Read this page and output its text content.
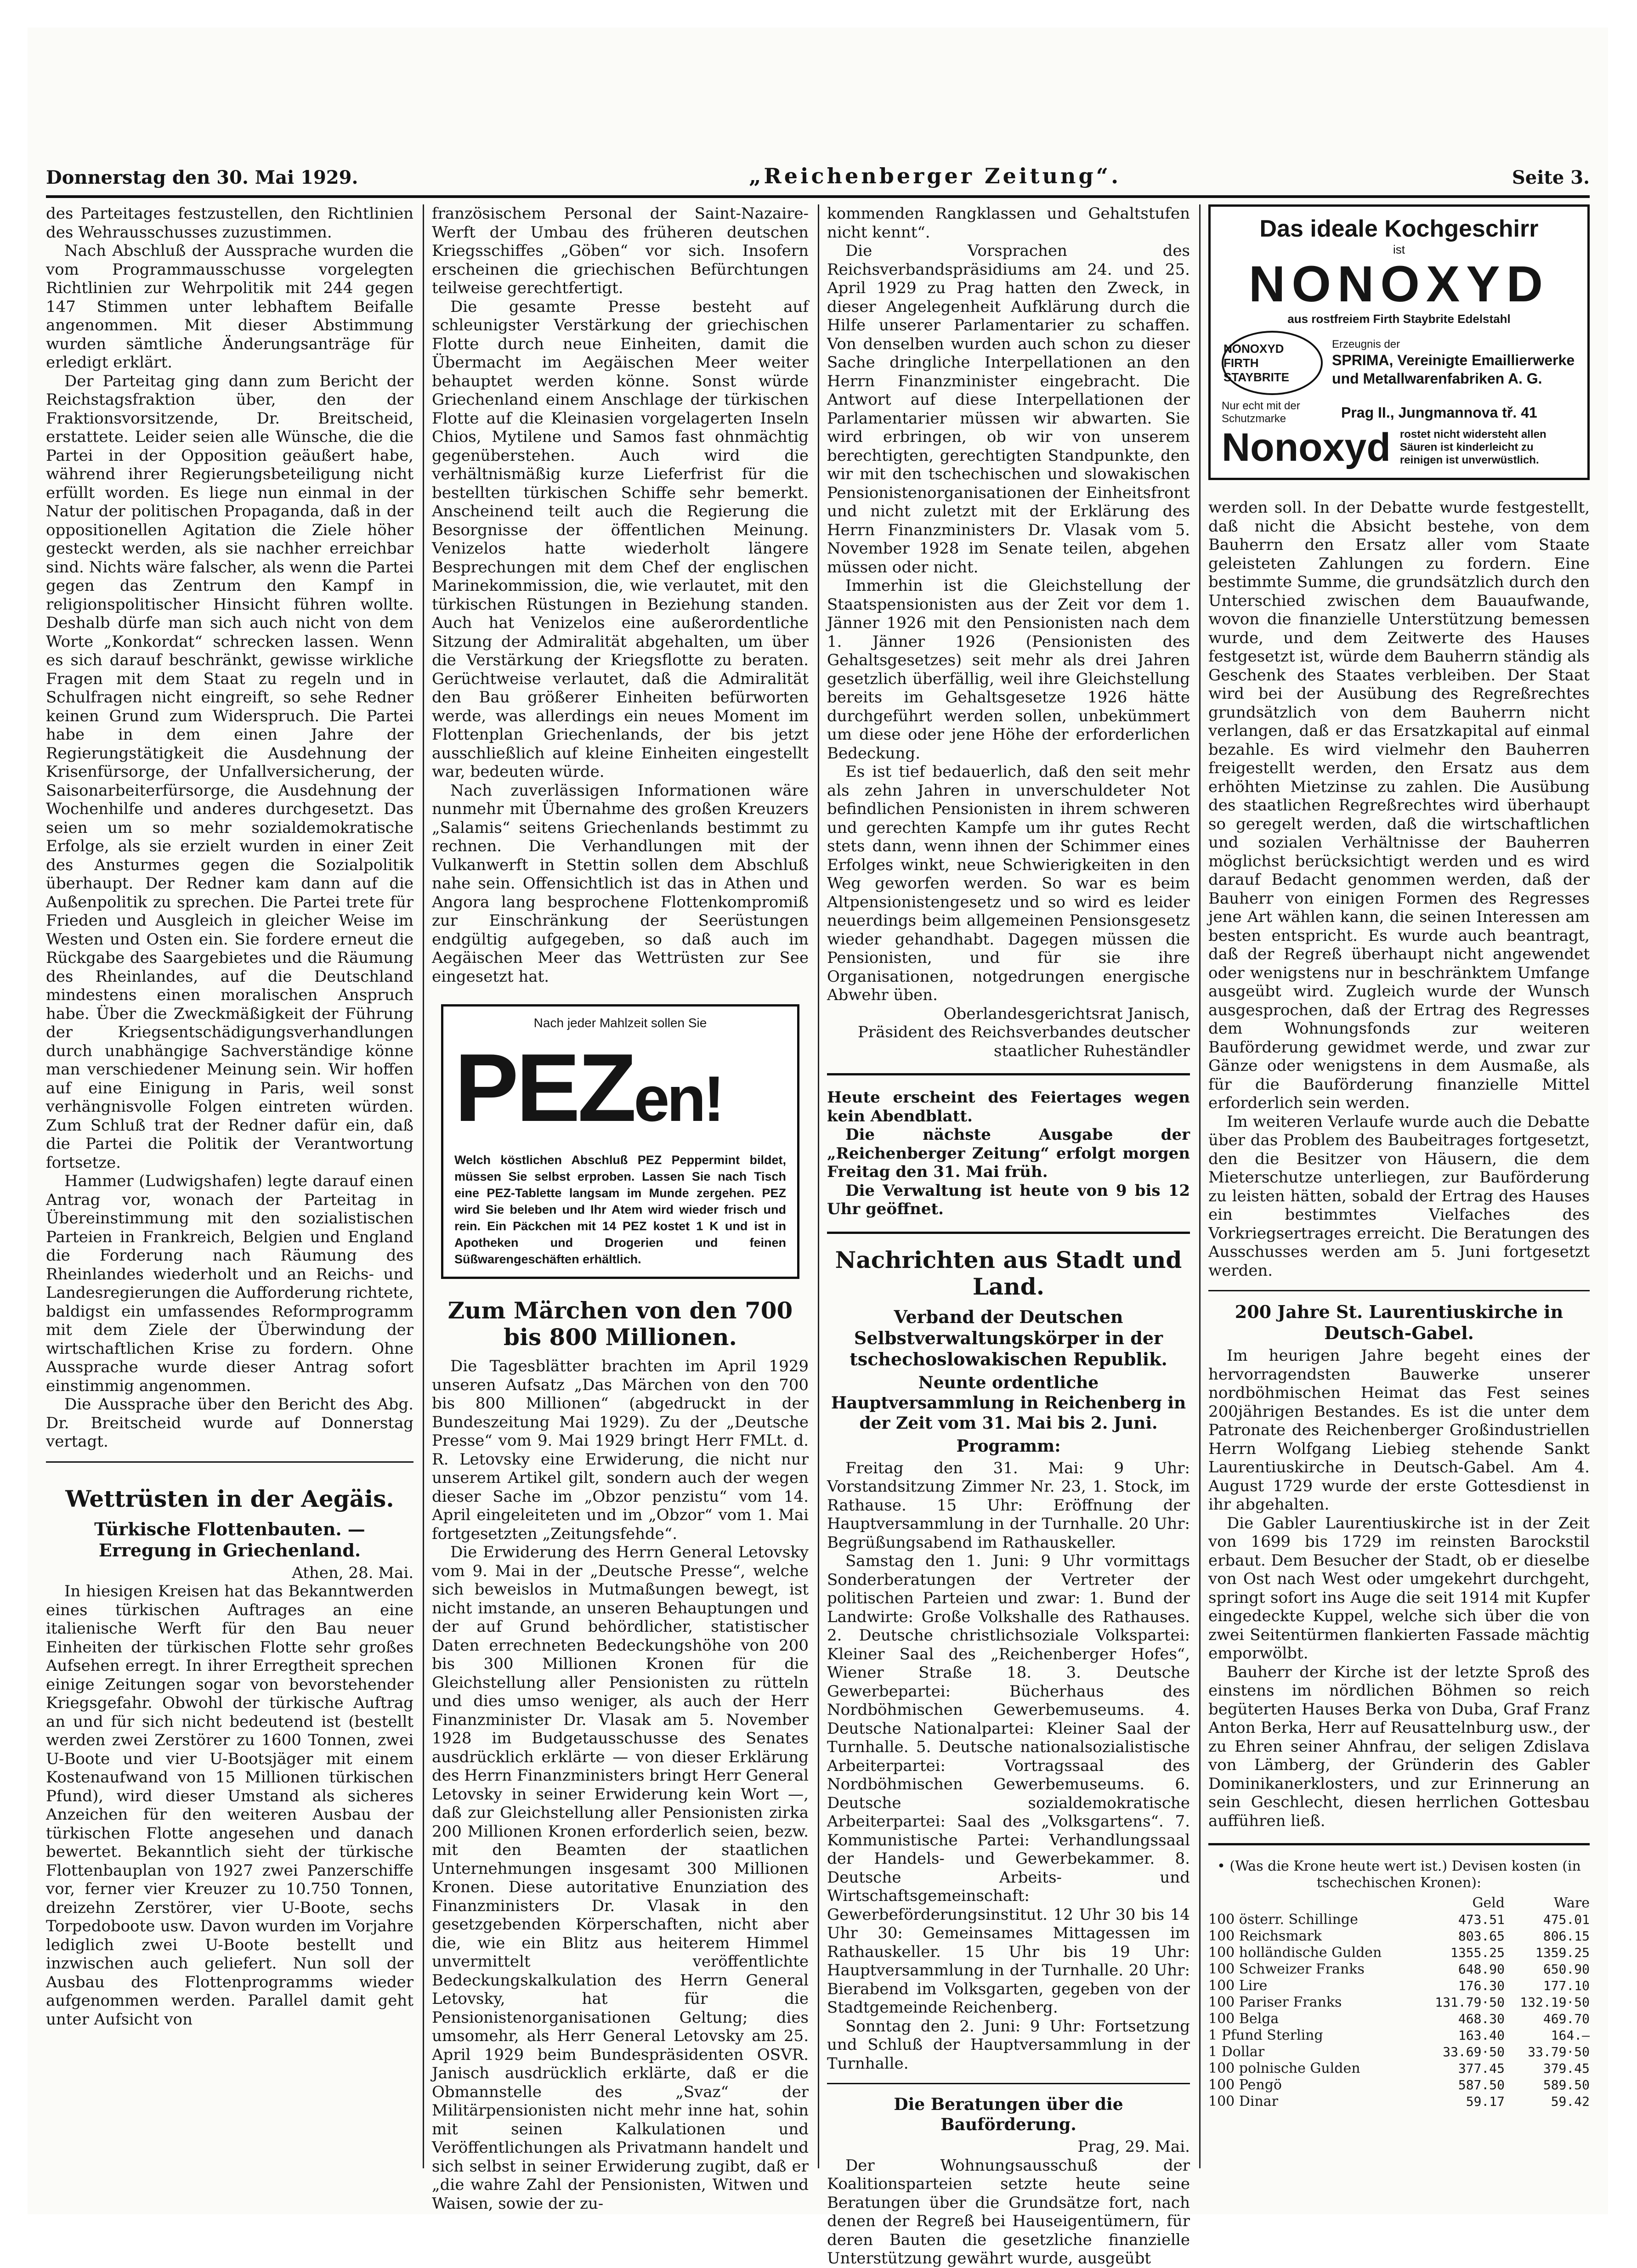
Donnerstag den 30. Mai 1929.	„Reichenberger Zeitung“.	Seite 3.

des Parteitages festzustellen, den Richtlinien des Wehrausschusses zuzustimmen.

Nach Abschluß der Aussprache wurden die vom Programmausschusse vorgelegten Richtlinien zur Wehrpolitik mit 244 gegen 147 Stimmen unter lebhaftem Beifalle angenommen. Mit dieser Abstimmung wurden sämtliche Änderungsanträge für erledigt erklärt.

Der Parteitag ging dann zum Bericht der Reichstagsfraktion über, den der Fraktionsvorsitzende, Dr. Breitscheid, erstattete. Leider seien alle Wünsche, die die Partei in der Opposition geäußert habe, während ihrer Regierungsbeteiligung nicht erfüllt worden. Es liege nun einmal in der Natur der politischen Propaganda, daß in der oppositionellen Agitation die Ziele höher gesteckt werden, als sie nachher erreichbar sind. Nichts wäre falscher, als wenn die Partei gegen das Zentrum den Kampf in religionspolitischer Hinsicht führen wollte. Deshalb dürfe man sich auch nicht von dem Worte „Konkordat“ schrecken lassen. Wenn es sich darauf beschränkt, gewisse wirkliche Fragen mit dem Staat zu regeln und in Schulfragen nicht eingreift, so sehe Redner keinen Grund zum Widerspruch. Die Partei habe in dem einen Jahre der Regierungstätigkeit die Ausdehnung der Krisenfürsorge, der Unfallversicherung, der Saisonarbeiterfürsorge, die Ausdehnung der Wochenhilfe und anderes durchgesetzt. Das seien um so mehr sozialdemokratische Erfolge, als sie erzielt wurden in einer Zeit des Ansturmes gegen die Sozialpolitik überhaupt. Der Redner kam dann auf die Außenpolitik zu sprechen. Die Partei trete für Frieden und Ausgleich in gleicher Weise im Westen und Osten ein. Sie fordere erneut die Rückgabe des Saargebietes und die Räumung des Rheinlandes, auf die Deutschland mindestens einen moralischen Anspruch habe. Über die Zweckmäßigkeit der Führung der Kriegsentschädigungsverhandlungen durch unabhängige Sachverständige könne man verschiedener Meinung sein. Wir hoffen auf eine Einigung in Paris, weil sonst verhängnisvolle Folgen eintreten würden. Zum Schluß trat der Redner dafür ein, daß die Partei die Politik der Verantwortung fortsetze.

Hammer (Ludwigshafen) legte darauf einen Antrag vor, wonach der Parteitag in Übereinstimmung mit den sozialistischen Parteien in Frankreich, Belgien und England die Forderung nach Räumung des Rheinlandes wiederholt und an Reichs- und Landesregierungen die Aufforderung richtete, baldigst ein umfassendes Reformprogramm mit dem Ziele der Überwindung der wirtschaftlichen Krise zu fordern. Ohne Aussprache wurde dieser Antrag sofort einstimmig angenommen.

Die Aussprache über den Bericht des Abg. Dr. Breitscheid wurde auf Donnerstag vertagt.

Wettrüsten in der Aegäis.
Türkische Flottenbauten. — Erregung in Griechenland.

Athen, 28. Mai.

In hiesigen Kreisen hat das Bekanntwerden eines türkischen Auftrages an eine italienische Werft für den Bau neuer Einheiten der türkischen Flotte sehr großes Aufsehen erregt. In ihrer Erregtheit sprechen einige Zeitungen sogar von bevorstehender Kriegsgefahr. Obwohl der türkische Auftrag an und für sich nicht bedeutend ist (bestellt werden zwei Zerstörer zu 1600 Tonnen, zwei U-Boote und vier U-Bootsjäger mit einem Kostenaufwand von 15 Millionen türkischen Pfund), wird dieser Umstand als sicheres Anzeichen für den weiteren Ausbau der türkischen Flotte angesehen und danach bewertet. Bekanntlich sieht der türkische Flottenbauplan von 1927 zwei Panzerschiffe vor, ferner vier Kreuzer zu 10.750 Tonnen, dreizehn Zerstörer, vier U-Boote, sechs Torpedoboote usw. Davon wurden im Vorjahre lediglich zwei U-Boote bestellt und inzwischen auch geliefert. Nun soll der Ausbau des Flottenprogramms wieder aufgenommen werden. Parallel damit geht unter Aufsicht von

französischem Personal der Saint-Nazaire-Werft der Umbau des früheren deutschen Kriegsschiffes „Göben“ vor sich. Insofern erscheinen die griechischen Befürchtungen teilweise gerechtfertigt.

Die gesamte Presse besteht auf schleunigster Verstärkung der griechischen Flotte durch neue Einheiten, damit die Übermacht im Aegäischen Meer weiter behauptet werden könne. Sonst würde Griechenland einem Anschlage der türkischen Flotte auf die Kleinasien vorgelagerten Inseln Chios, Mytilene und Samos fast ohnmächtig gegenüberstehen. Auch wird die verhältnismäßig kurze Lieferfrist für die bestellten türkischen Schiffe sehr bemerkt. Anscheinend teilt auch die Regierung die Besorgnisse der öffentlichen Meinung. Venizelos hatte wiederholt längere Besprechungen mit dem Chef der englischen Marinekommission, die, wie verlautet, mit den türkischen Rüstungen in Beziehung standen. Auch hat Venizelos eine außerordentliche Sitzung der Admiralität abgehalten, um über die Verstärkung der Kriegsflotte zu beraten. Gerüchtweise verlautet, daß die Admiralität den Bau größerer Einheiten befürworten werde, was allerdings ein neues Moment im Flottenplan Griechenlands, der bis jetzt ausschließlich auf kleine Einheiten eingestellt war, bedeuten würde.

Nach zuverlässigen Informationen wäre nunmehr mit Übernahme des großen Kreuzers „Salamis“ seitens Griechenlands bestimmt zu rechnen. Die Verhandlungen mit der Vulkanwerft in Stettin sollen dem Abschluß nahe sein. Offensichtlich ist das in Athen und Angora lang besprochene Flottenkompromiß zur Einschränkung der Seerüstungen endgültig aufgegeben, so daß auch im Aegäischen Meer das Wettrüsten zur See eingesetzt hat.

Nach jeder Mahlzeit sollen Sie
PEZen!
Welch köstlichen Abschluß PEZ Peppermint bildet, müssen Sie selbst erproben. Lassen Sie nach Tisch eine PEZ-Tablette langsam im Munde zergehen. PEZ wird Sie beleben und Ihr Atem wird wieder frisch und rein. Ein Päckchen mit 14 PEZ kostet 1 K und ist in Apotheken und Drogerien und feinen Süßwarengeschäften erhältlich.
Zum Märchen von den 700 bis 800 Millionen.

Die Tagesblätter brachten im April 1929 unseren Aufsatz „Das Märchen von den 700 bis 800 Millionen“ (abgedruckt in der Bundeszeitung Mai 1929). Zu der „Deutsche Presse“ vom 9. Mai 1929 bringt Herr FMLt. d. R. Letovsky eine Erwiderung, die nicht nur unserem Artikel gilt, sondern auch der wegen dieser Sache im „Obzor penzistu“ vom 14. April eingeleiteten und im „Obzor“ vom 1. Mai fortgesetzten „Zeitungsfehde“.

Die Erwiderung des Herrn General Letovsky vom 9. Mai in der „Deutsche Presse“, welche sich beweislos in Mutmaßungen bewegt, ist nicht imstande, an unseren Behauptungen und der auf Grund behördlicher, statistischer Daten errechneten Bedeckungshöhe von 200 bis 300 Millionen Kronen für die Gleichstellung aller Pensionisten zu rütteln und dies umso weniger, als auch der Herr Finanzminister Dr. Vlasak am 5. November 1928 im Budgetausschusse des Senates ausdrücklich erklärte — von dieser Erklärung des Herrn Finanzministers bringt Herr General Letovsky in seiner Erwiderung kein Wort —, daß zur Gleichstellung aller Pensionisten zirka 200 Millionen Kronen erforderlich seien, bezw. mit den Beamten der staatlichen Unternehmungen insgesamt 300 Millionen Kronen. Diese autoritative Enunziation des Finanzministers Dr. Vlasak in den gesetzgebenden Körperschaften, nicht aber die, wie ein Blitz aus heiterem Himmel unvermittelt veröffentlichte Bedeckungskalkulation des Herrn General Letovsky, hat für die Pensionistenorganisationen Geltung; dies umsomehr, als Herr General Letovsky am 25. April 1929 beim Bundespräsidenten OSVR. Janisch ausdrücklich erklärte, daß er die Obmannstelle des „Svaz“ der Militärpensionisten nicht mehr inne hat, sohin mit seinen Kalkulationen und Veröffentlichungen als Privatmann handelt und sich selbst in seiner Erwiderung zugibt, daß er „die wahre Zahl der Pensionisten, Witwen und Waisen, sowie der zu-

kommenden Rangklassen und Gehaltstufen nicht kennt“.

Die Vorsprachen des Reichsverbandspräsidiums am 24. und 25. April 1929 zu Prag hatten den Zweck, in dieser Angelegenheit Aufklärung durch die Hilfe unserer Parlamentarier zu schaffen. Von denselben wurden auch schon zu dieser Sache dringliche Interpellationen an den Herrn Finanzminister eingebracht. Die Antwort auf diese Interpellationen der Parlamentarier müssen wir abwarten. Sie wird erbringen, ob wir von unserem berechtigten, gerechtigten Standpunkte, den wir mit den tschechischen und slowakischen Pensionistenorganisationen der Einheitsfront und nicht zuletzt mit der Erklärung des Herrn Finanzministers Dr. Vlasak vom 5. November 1928 im Senate teilen, abgehen müssen oder nicht.

Immerhin ist die Gleichstellung der Staatspensionisten aus der Zeit vor dem 1. Jänner 1926 mit den Pensionisten nach dem 1. Jänner 1926 (Pensionisten des Gehaltsgesetzes) seit mehr als drei Jahren gesetzlich überfällig, weil ihre Gleichstellung bereits im Gehaltsgesetze 1926 hätte durchgeführt werden sollen, unbekümmert um diese oder jene Höhe der erforderlichen Bedeckung.

Es ist tief bedauerlich, daß den seit mehr als zehn Jahren in unverschuldeter Not befindlichen Pensionisten in ihrem schweren und gerechten Kampfe um ihr gutes Recht stets dann, wenn ihnen der Schimmer eines Erfolges winkt, neue Schwierigkeiten in den Weg geworfen werden. So war es beim Altpensionistengesetz und so wird es leider neuerdings beim allgemeinen Pensionsgesetz wieder gehandhabt. Dagegen müssen die Pensionisten, und für sie ihre Organisationen, notgedrungen energische Abwehr üben.

Oberlandesgerichtsrat Janisch,

Präsident des Reichsverbandes deutscher staatlicher Ruheständler

Heute erscheint des Feiertages wegen kein Abendblatt.

Die nächste Ausgabe der „Reichenberger Zeitung“ erfolgt morgen Freitag den 31. Mai früh.

Die Verwaltung ist heute von 9 bis 12 Uhr geöffnet.

Nachrichten aus Stadt und Land.
Verband der Deutschen Selbstverwaltungskörper in der tschechoslowakischen Republik.
Neunte ordentliche Hauptversammlung in Reichenberg in der Zeit vom 31. Mai bis 2. Juni.
Programm:

Freitag den 31. Mai: 9 Uhr: Vorstandsitzung Zimmer Nr. 23, 1. Stock, im Rathause. 15 Uhr: Eröffnung der Hauptversammlung in der Turnhalle. 20 Uhr: Begrüßungsabend im Rathauskeller.

Samstag den 1. Juni: 9 Uhr vormittags Sonderberatungen der Vertreter der politischen Parteien und zwar: 1. Bund der Landwirte: Große Volkshalle des Rathauses. 2. Deutsche christlichsoziale Volkspartei: Kleiner Saal des „Reichenberger Hofes“, Wiener Straße 18. 3. Deutsche Gewerbepartei: Bücherhaus des Nordböhmischen Gewerbemuseums. 4. Deutsche Nationalpartei: Kleiner Saal der Turnhalle. 5. Deutsche nationalsozialistische Arbeiterpartei: Vortragssaal des Nordböhmischen Gewerbemuseums. 6. Deutsche sozialdemokratische Arbeiterpartei: Saal des „Volksgartens“. 7. Kommunistische Partei: Verhandlungssaal der Handels- und Gewerbekammer. 8. Deutsche Arbeits- und Wirtschaftsgemeinschaft: Gewerbeförderungsinstitut. 12 Uhr 30 bis 14 Uhr 30: Gemeinsames Mittagessen im Rathauskeller. 15 Uhr bis 19 Uhr: Hauptversammlung in der Turnhalle. 20 Uhr: Bierabend im Volksgarten, gegeben von der Stadtgemeinde Reichenberg.

Sonntag den 2. Juni: 9 Uhr: Fortsetzung und Schluß der Hauptversammlung in der Turnhalle.

Die Beratungen über die Bauförderung.

Prag, 29. Mai.

Der Wohnungsausschuß der Koalitionsparteien setzte heute seine Beratungen über die Grundsätze fort, nach denen der Regreß bei Hauseigentümern, für deren Bauten die gesetzliche finanzielle Unterstützung gewährt wurde, ausgeübt

Das ideale Kochgeschirr
ist
NONOXYD
aus rostfreiem Firth Staybrite Edelstahl
NONOXYD FIRTH STAYBRITE
Erzeugnis der
SPRIMA, Vereinigte Emaillierwerke und Metallwarenfabriken A. G.
Nur echt mit der Schutzmarke	Prag II., Jungmannova tř. 41
Nonoxyd rostet nicht widersteht allen Säuren ist kinderleicht zu reinigen ist unverwüstlich.

werden soll. In der Debatte wurde festgestellt, daß nicht die Absicht bestehe, von dem Bauherrn den Ersatz aller vom Staate geleisteten Zahlungen zu fordern. Eine bestimmte Summe, die grundsätzlich durch den Unterschied zwischen dem Bauaufwande, wovon die finanzielle Unterstützung bemessen wurde, und dem Zeitwerte des Hauses festgesetzt ist, würde dem Bauherrn ständig als Geschenk des Staates verbleiben. Der Staat wird bei der Ausübung des Regreßrechtes grundsätzlich von dem Bauherrn nicht verlangen, daß er das Ersatzkapital auf einmal bezahle. Es wird vielmehr den Bauherren freigestellt werden, den Ersatz aus dem erhöhten Mietzinse zu zahlen. Die Ausübung des staatlichen Regreßrechtes wird überhaupt so geregelt werden, daß die wirtschaftlichen und sozialen Verhältnisse der Bauherren möglichst berücksichtigt werden und es wird darauf Bedacht genommen werden, daß der Bauherr von einigen Formen des Regresses jene Art wählen kann, die seinen Interessen am besten entspricht. Es wurde auch beantragt, daß der Regreß überhaupt nicht angewendet oder wenigstens nur in beschränktem Umfange ausgeübt wird. Zugleich wurde der Wunsch ausgesprochen, daß der Ertrag des Regresses dem Wohnungsfonds zur weiteren Bauförderung gewidmet werde, und zwar zur Gänze oder wenigstens in dem Ausmaße, als für die Bauförderung finanzielle Mittel erforderlich sein werden.

Im weiteren Verlaufe wurde auch die Debatte über das Problem des Baubeitrages fortgesetzt, den die Besitzer von Häusern, die dem Mieterschutze unterliegen, zur Bauförderung zu leisten hätten, sobald der Ertrag des Hauses ein bestimmtes Vielfaches des Vorkriegsertrages erreicht. Die Beratungen des Ausschusses werden am 5. Juni fortgesetzt werden.

200 Jahre St. Laurentiuskirche in Deutsch-Gabel.

Im heurigen Jahre begeht eines der hervorragendsten Bauwerke unserer nordböhmischen Heimat das Fest seines 200jährigen Bestandes. Es ist die unter dem Patronate des Reichenberger Großindustriellen Herrn Wolfgang Liebieg stehende Sankt Laurentiuskirche in Deutsch-Gabel. Am 4. August 1729 wurde der erste Gottesdienst in ihr abgehalten.

Die Gabler Laurentiuskirche ist in der Zeit von 1699 bis 1729 im reinsten Barockstil erbaut. Dem Besucher der Stadt, ob er dieselbe von Ost nach West oder umgekehrt durchgeht, springt sofort ins Auge die seit 1914 mit Kupfer eingedeckte Kuppel, welche sich über die von zwei Seitentürmen flankierten Fassade mächtig emporwölbt.

Bauherr der Kirche ist der letzte Sproß des einstens im nördlichen Böhmen so reich begüterten Hauses Berka von Duba, Graf Franz Anton Berka, Herr auf Reusattelnburg usw., der zu Ehren seiner Ahnfrau, der seligen Zdislava von Lämberg, der Gründerin des Gabler Dominikanerklosters, und zur Erinnerung an sein Geschlecht, diesen herrlichen Gottesbau aufführen ließ.

• (Was die Krone heute wert ist.) Devisen kosten (in tschechischen Kronen):
	Geld	Ware
100 österr. Schillinge	473.51	475.01
100 Reichsmark	803.65	806.15
100 holländische Gulden	1355.25	1359.25
100 Schweizer Franks	648.90	650.90
100 Lire	176.30	177.10
100 Pariser Franks	131.79·50	132.19·50
100 Belga	468.30	469.70
1 Pfund Sterling	163.40	164.—
1 Dollar	33.69·50	33.79·50
100 polnische Gulden	377.45	379.45
100 Pengö	587.50	589.50
100 Dinar	59.17	59.42
